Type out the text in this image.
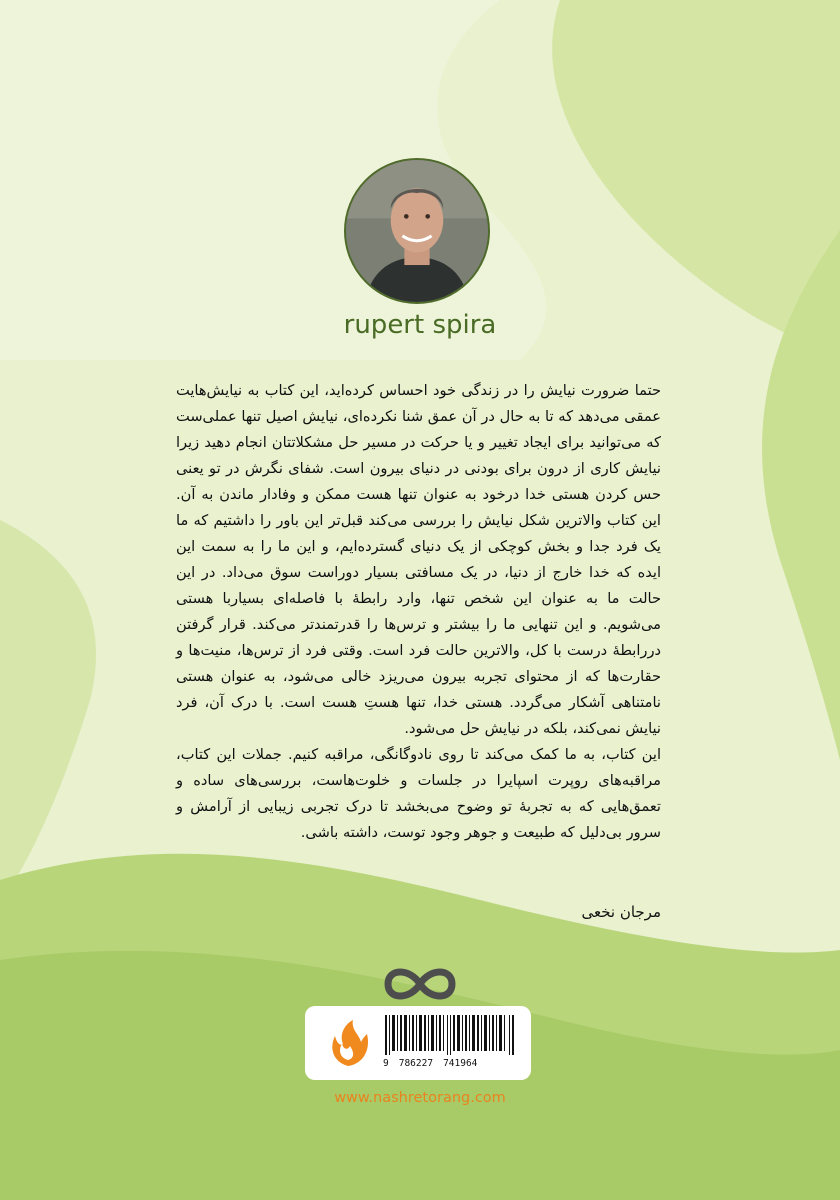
rupert spira

حتما ضرورت نیایش را در زندگی خود احساس کرده‌اید، این کتاب به نیایش‌هایت عمقی می‌دهد که تا به حال در آن عمق شنا نکرده‌ای، نیایش اصیل تنها عملی‌ست که می‌توانید برای ایجاد تغییر و یا حرکت در مسیر حل مشکلاتتان انجام دهید زیرا نیایش کاری از درون برای بودنی در دنیای بیرون است. شفای نگرش در تو یعنی حس کردن هستی خدا درخود به عنوان تنها هست ممکن و وفادار ماندن به آن. این کتاب والاترین شکل نیایش را بررسی می‌کند قبل‌تر این باور را داشتیم که ما یک فرد جدا و بخش کوچکی از یک دنیای گسترده‌ایم، و این ما را به سمت این ایده که خدا خارج از دنیا، در یک مسافتی بسیار دوراست سوق می‌داد. در این حالت ما به عنوان این شخص تنها، وارد رابطهٔ با فاصله‌ای بسیاربا هستی می‌شویم. و این تنهایی ما را بیشتر و ترس‌ها را قدرتمندتر می‌کند. قرار گرفتن دررابطهٔ درست با کل، والاترین حالت فرد است. وقتی فرد از ترس‌ها، منیت‌ها و حقارت‌ها که از محتوای تجربه بیرون می‌ریزد خالی می‌شود، به عنوان هستی نامتناهی آشکار می‌گردد. هستی خدا، تنها هستِ هست است. با درک آن، فرد نیایش نمی‌کند، بلکه در نیایش حل می‌شود.

این کتاب، به ما کمک می‌کند تا روی نادوگانگی، مراقبه کنیم. جملات این کتاب، مراقبه‌های روپرت اسپایرا در جلسات و خلوت‌هاست، بررسی‌های ساده و تعمق‌هایی که به تجربهٔ تو وضوح می‌بخشد تا درک تجربی زیبایی از آرامش و سرور بی‌دلیل که طبیعت و جوهر وجود توست، داشته باشی.

مرجان نخعی
9 786227 741964
www.nashretorang.com
